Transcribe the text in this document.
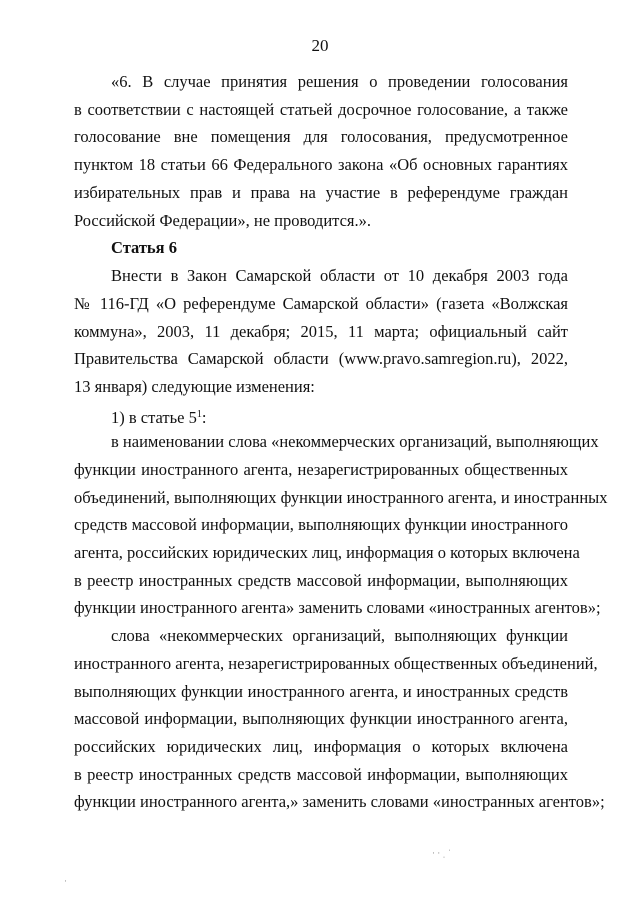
20
«6. В случае принятия решения о проведении голосования
в соответствии с настоящей статьей досрочное голосование, а также
голосование вне помещения для голосования, предусмотренное
пунктом 18 статьи 66 Федерального закона «Об основных гарантиях
избирательных прав и права на участие в референдуме граждан
Российской Федерации», не проводится.».
Статья 6
Внести в Закон Самарской области от 10 декабря 2003 года
№ 116-ГД «О референдуме Самарской области» (газета «Волжская
коммуна», 2003, 11 декабря; 2015, 11 марта; официальный сайт
Правительства Самарской области (www.pravo.samregion.ru), 2022,
13 января) следующие изменения:
1) в статье $5^1$:
в наименовании слова «некоммерческих организаций, выполняющих
функции иностранного агента, незарегистрированных общественных
объединений, выполняющих функции иностранного агента, и иностранных
средств массовой информации, выполняющих функции иностранного
агента, российских юридических лиц, информация о которых включена
в реестр иностранных средств массовой информации, выполняющих
функции иностранного агента» заменить словами «иностранных агентов»;
слова «некоммерческих организаций, выполняющих функции
иностранного агента, незарегистрированных общественных объединений,
выполняющих функции иностранного агента, и иностранных средств
массовой информации, выполняющих функции иностранного агента,
российских юридических лиц, информация о которых включена
в реестр иностранных средств массовой информации, выполняющих
функции иностранного агента,» заменить словами «иностранных агентов»;
· · ˌ ˈ
·
